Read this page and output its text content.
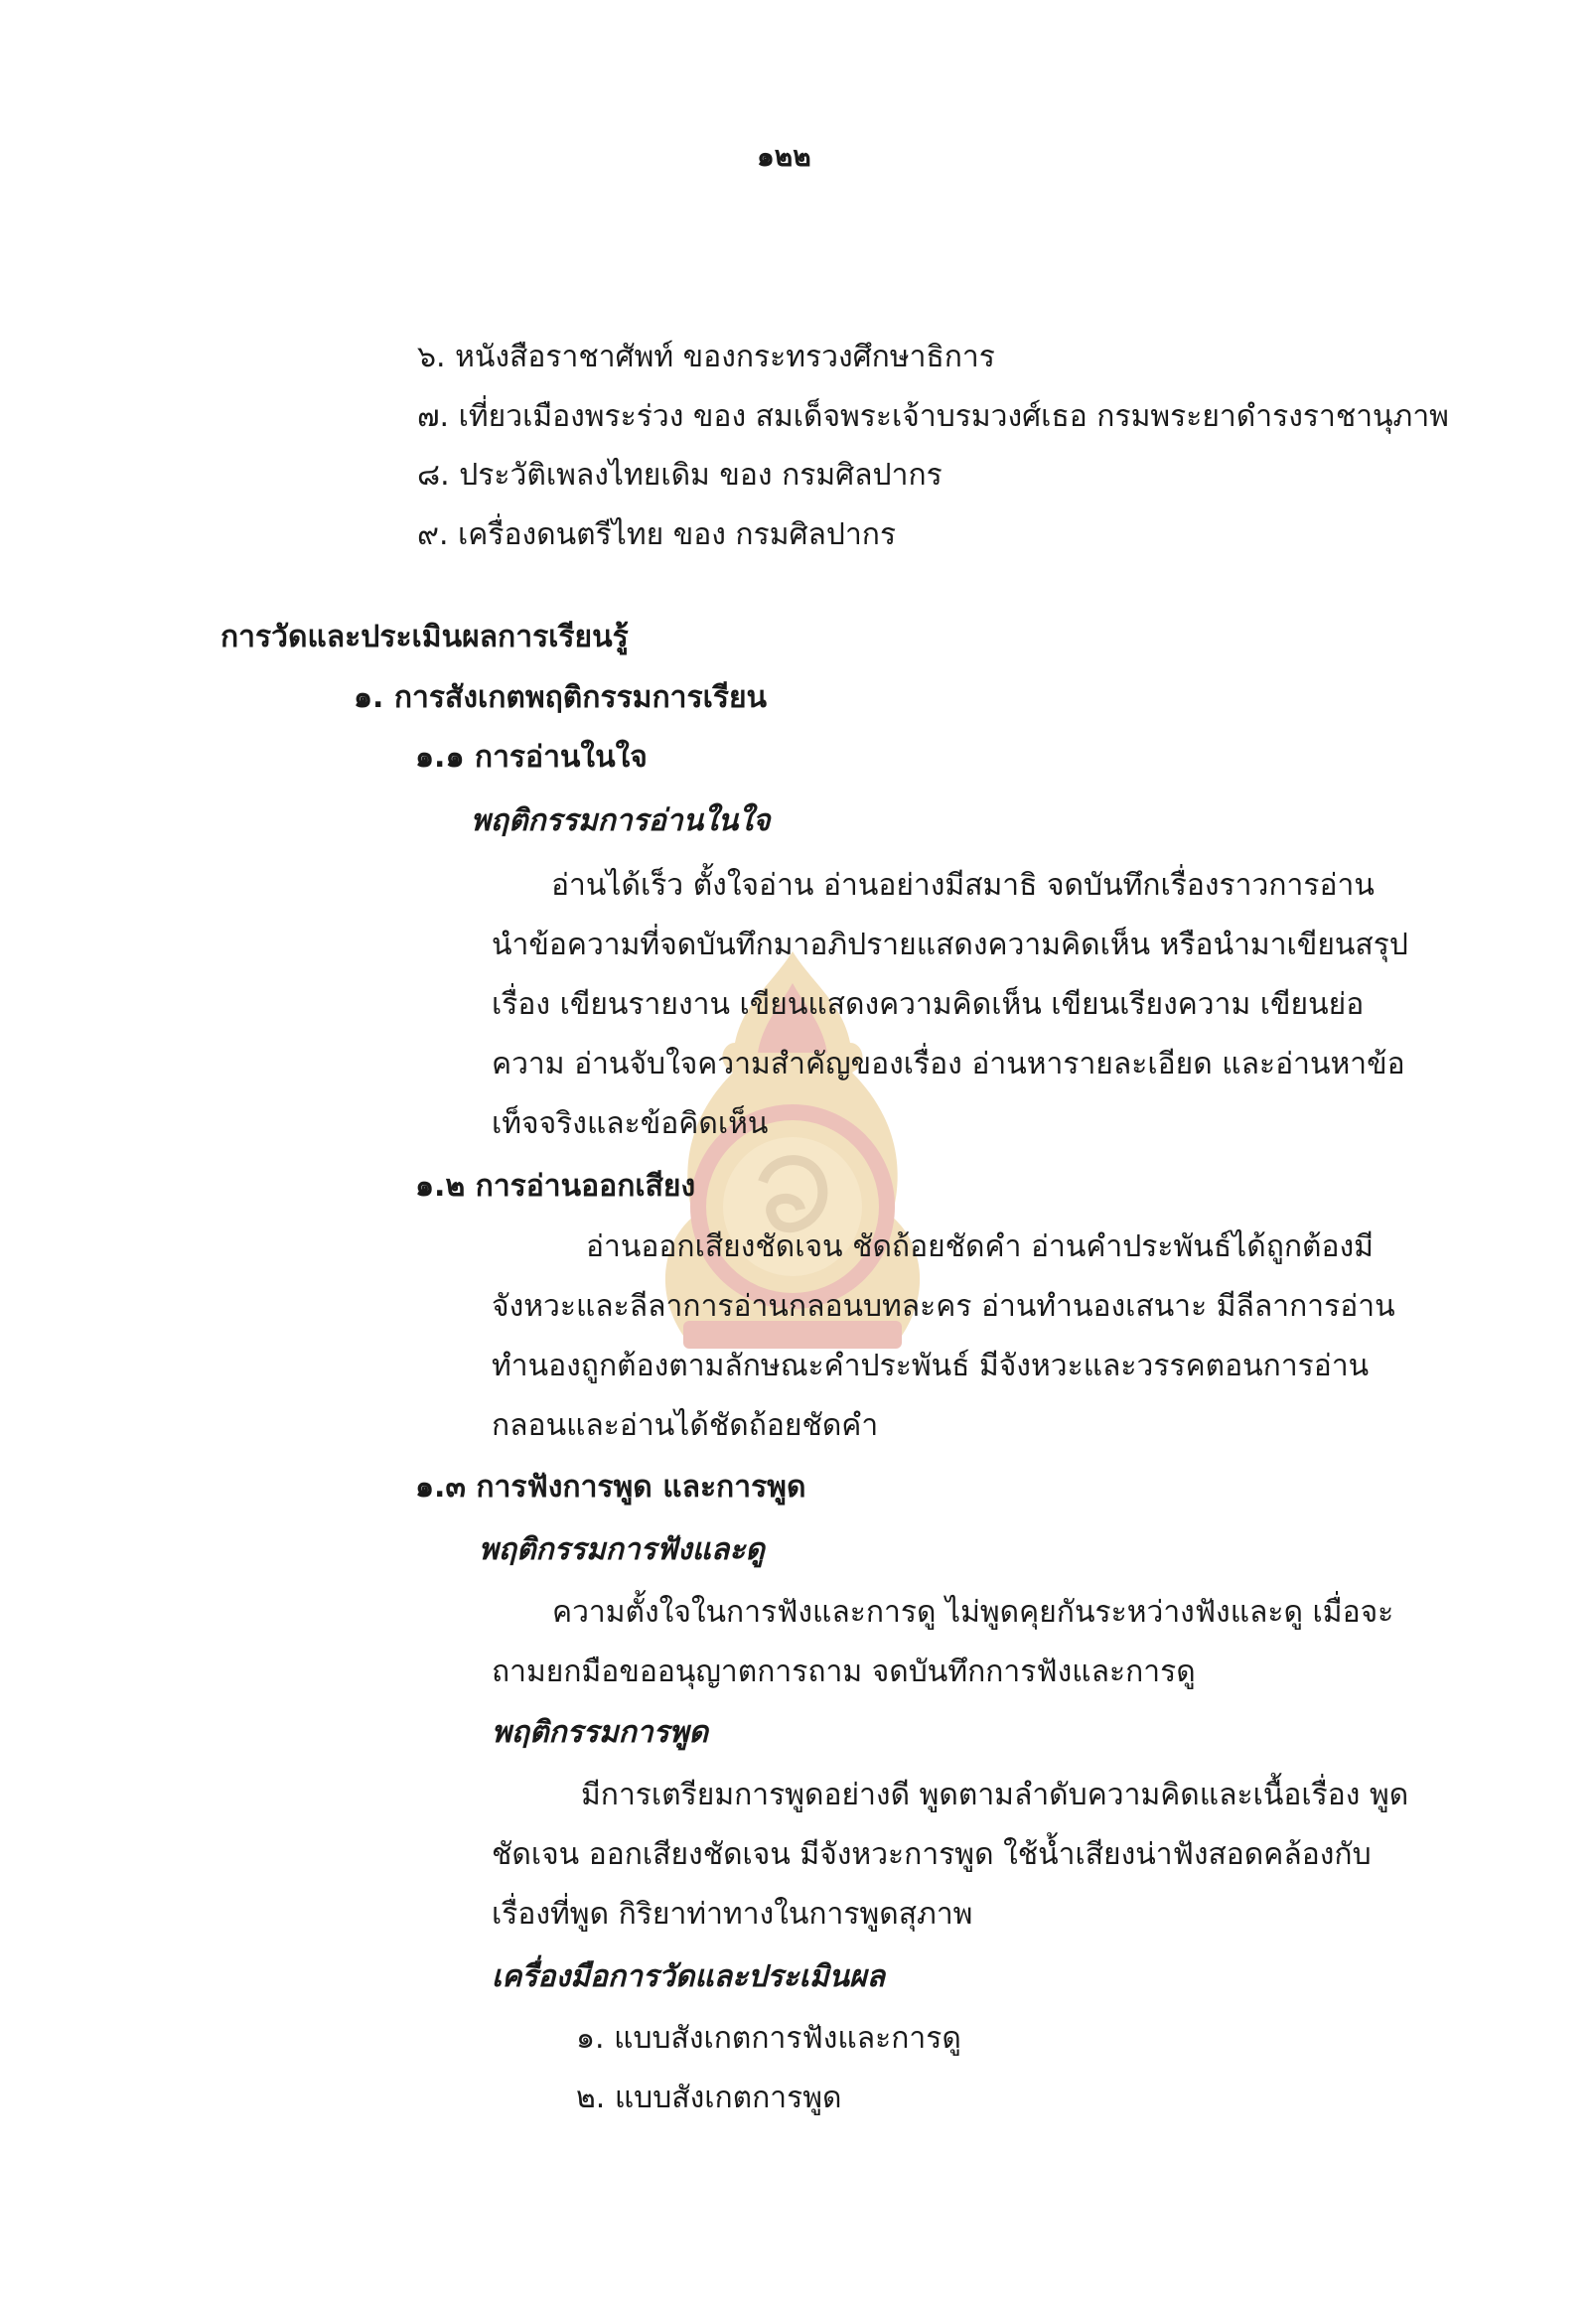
๑๒๒
๖. หนังสือราชาศัพท์ ของกระทรวงศึกษาธิการ
๗. เที่ยวเมืองพระร่วง ของ สมเด็จพระเจ้าบรมวงศ์เธอ กรมพระยาดำรงราชานุภาพ
๘. ประวัติเพลงไทยเดิม ของ กรมศิลปากร
๙. เครื่องดนตรีไทย ของ กรมศิลปากร
การวัดและประเมินผลการเรียนรู้
๑. การสังเกตพฤติกรรมการเรียน
๑.๑ การอ่านในใจ
พฤติกรรมการอ่านในใจ
อ่านได้เร็ว ตั้งใจอ่าน อ่านอย่างมีสมาธิ จดบันทึกเรื่องราวการอ่าน
นำข้อความที่จดบันทึกมาอภิปรายแสดงความคิดเห็น หรือนำมาเขียนสรุป
เรื่อง เขียนรายงาน เขียนแสดงความคิดเห็น เขียนเรียงความ เขียนย่อ
ความ อ่านจับใจความสำคัญของเรื่อง อ่านหารายละเอียด และอ่านหาข้อ
เท็จจริงและข้อคิดเห็น
๑.๒ การอ่านออกเสียง
อ่านออกเสียงชัดเจน ชัดถ้อยชัดคำ อ่านคำประพันธ์ได้ถูกต้องมี
จังหวะและลีลาการอ่านกลอนบทละคร อ่านทำนองเสนาะ มีลีลาการอ่าน
ทำนองถูกต้องตามลักษณะคำประพันธ์ มีจังหวะและวรรคตอนการอ่าน
กลอนและอ่านได้ชัดถ้อยชัดคำ
๑.๓ การฟังการพูด และการพูด
พฤติกรรมการฟังและดู
ความตั้งใจในการฟังและการดู ไม่พูดคุยกันระหว่างฟังและดู เมื่อจะ
ถามยกมือขออนุญาตการถาม จดบันทึกการฟังและการดู
พฤติกรรมการพูด
มีการเตรียมการพูดอย่างดี พูดตามลำดับความคิดและเนื้อเรื่อง พูด
ชัดเจน ออกเสียงชัดเจน มีจังหวะการพูด ใช้น้ำเสียงน่าฟังสอดคล้องกับ
เรื่องที่พูด กิริยาท่าทางในการพูดสุภาพ
เครื่องมือการวัดและประเมินผล
๑. แบบสังเกตการฟังและการดู
๒. แบบสังเกตการพูด
